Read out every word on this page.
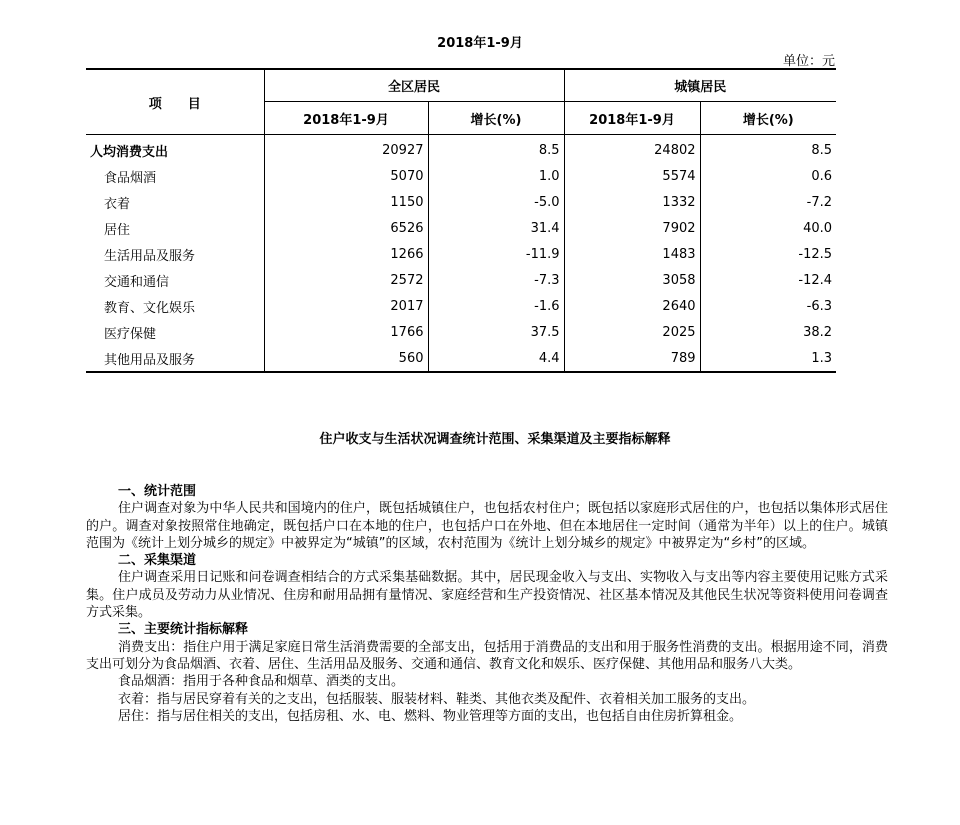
2018年1-9月
单位：元
项　　目	全区居民		城镇居民	
	2018年1-9月	增长(%)	2018年1-9月	增长(%)
人均消费支出	20927	8.5	24802	8.5
食品烟酒	5070	1.0	5574	0.6
衣着	1150	-5.0	1332	-7.2
居住	6526	31.4	7902	40.0
生活用品及服务	1266	-11.9	1483	-12.5
交通和通信	2572	-7.3	3058	-12.4
教育、文化娱乐	2017	-1.6	2640	-6.3
医疗保健	1766	37.5	2025	38.2
其他用品及服务	560	4.4	789	1.3
住户收支与生活状况调查统计范围、采集渠道及主要指标解释
一、统计范围

住户调查对象为中华人民共和国境内的住户，既包括城镇住户，也包括农村住户；既包括以家庭形式居住的户，也包括以集体形式居住的户。调查对象按照常住地确定，既包括户口在本地的住户，也包括户口在外地、但在本地居住一定时间（通常为半年）以上的住户。城镇范围为《统计上划分城乡的规定》中被界定为“城镇”的区域，农村范围为《统计上划分城乡的规定》中被界定为“乡村”的区域。

二、采集渠道

住户调查采用日记账和问卷调查相结合的方式采集基础数据。其中，居民现金收入与支出、实物收入与支出等内容主要使用记账方式采集。住户成员及劳动力从业情况、住房和耐用品拥有量情况、家庭经营和生产投资情况、社区基本情况及其他民生状况等资料使用问卷调查方式采集。

三、主要统计指标解释

消费支出：指住户用于满足家庭日常生活消费需要的全部支出，包括用于消费品的支出和用于服务性消费的支出。根据用途不同，消费支出可划分为食品烟酒、衣着、居住、生活用品及服务、交通和通信、教育文化和娱乐、医疗保健、其他用品和服务八大类。

食品烟酒：指用于各种食品和烟草、酒类的支出。

衣着：指与居民穿着有关的之支出，包括服装、服装材料、鞋类、其他衣类及配件、衣着相关加工服务的支出。

居住：指与居住相关的支出，包括房租、水、电、燃料、物业管理等方面的支出，也包括自由住房折算租金。
